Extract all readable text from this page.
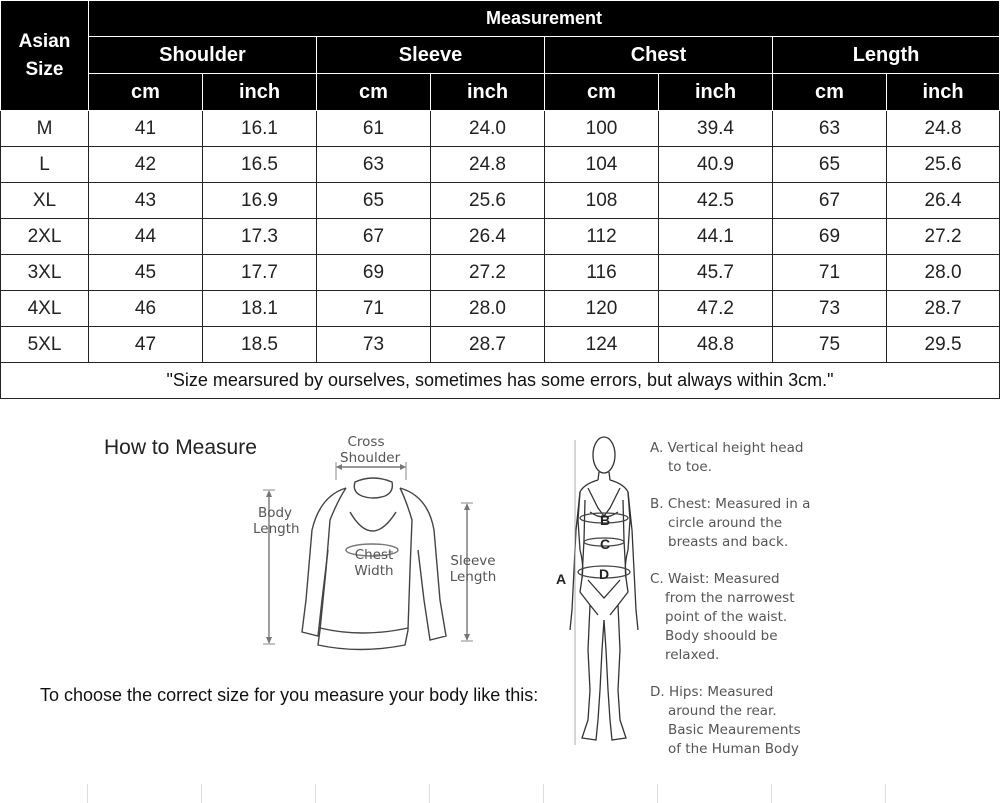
Asian Size	Measurement							
	Shoulder		Sleeve		Chest		Length	
	cm	inch	cm	inch	cm	inch	cm	inch
M	41	16.1	61	24.0	100	39.4	63	24.8
L	42	16.5	63	24.8	104	40.9	65	25.6
XL	43	16.9	65	25.6	108	42.5	67	26.4
2XL	44	17.3	67	26.4	112	44.1	69	27.2
3XL	45	17.7	69	27.2	116	45.7	71	28.0
4XL	46	18.1	71	28.0	120	47.2	73	28.7
5XL	47	18.5	73	28.7	124	48.8	75	29.5
"Size mearsured by ourselves, sometimes has some errors, but always within 3cm."								
How to Measure	Cross
Shoulder
Body
Length
Chest
Width
Sleeve
Length	A
B
C
D
A. Vertical height head
to toe.
B. Chest: Measured in a
circle around the
breasts and back.
C. Waist: Measured
from the narrowest
point of the waist.
Body shoould be
relaxed.
D. Hips: Measured
around the rear.
Basic Meaurements
of the Human Body
To choose the correct size for you measure your body like this:
